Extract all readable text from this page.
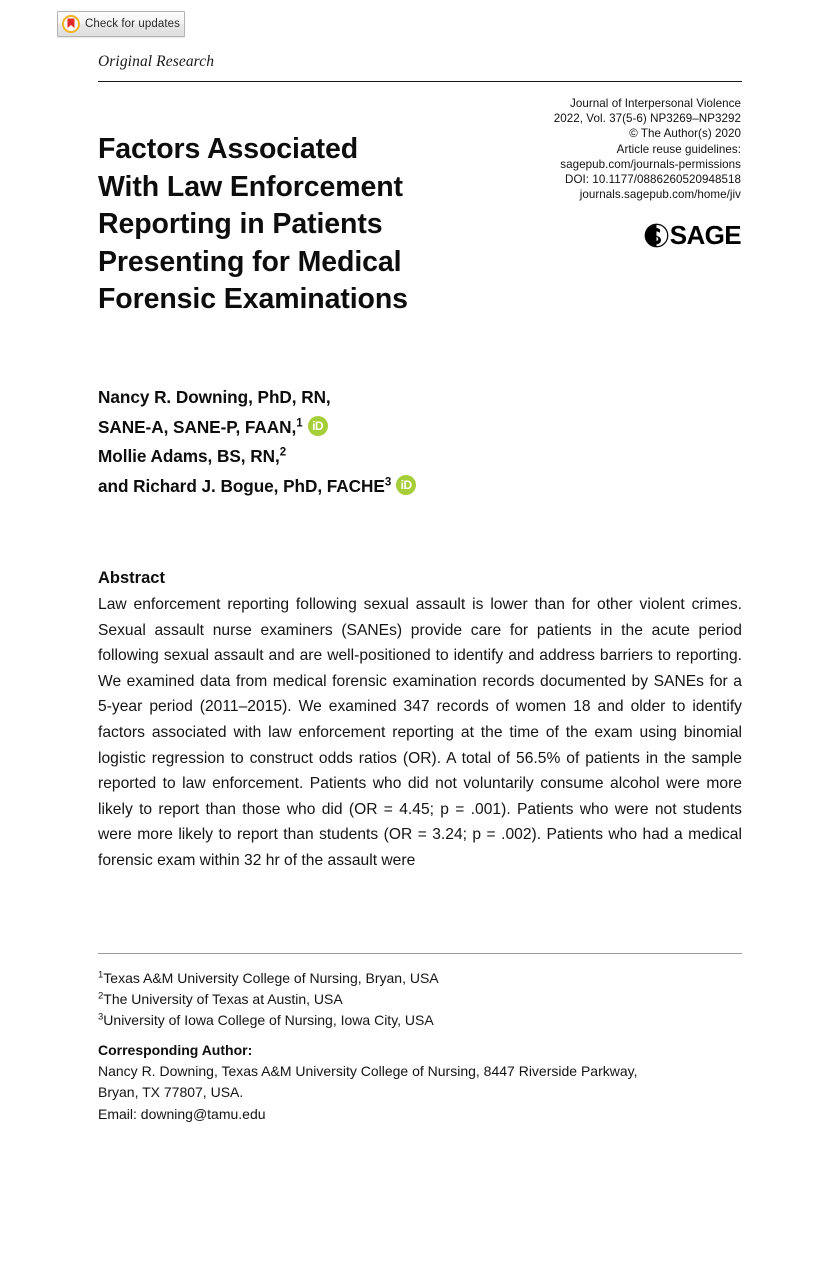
Check for updates
Original Research
Journal of Interpersonal Violence
2022, Vol. 37(5-6) NP3269–NP3292
© The Author(s) 2020
Article reuse guidelines:
sagepub.com/journals-permissions
DOI: 10.1177/0886260520948518
journals.sagepub.com/home/jiv
SAGE
Factors Associated
With Law Enforcement
Reporting in Patients
Presenting for Medical
Forensic Examinations
Nancy R. Downing, PhD, RN,
SANE-A, SANE-P, FAAN,$^1$ iD
Mollie Adams, BS, RN,$^2$
and Richard J. Bogue, PhD, FACHE$^3$ iD
Abstract
Law enforcement reporting following sexual assault is lower than for other violent crimes. Sexual assault nurse examiners (SANEs) provide care for patients in the acute period following sexual assault and are well-positioned to identify and address barriers to reporting. We examined data from medical forensic examination records documented by SANEs for a 5-year period (2011–2015). We examined 347 records of women 18 and older to identify factors associated with law enforcement reporting at the time of the exam using binomial logistic regression to construct odds ratios (OR). A total of 56.5% of patients in the sample reported to law enforcement. Patients who did not voluntarily consume alcohol were more likely to report than those who did (OR = 4.45; p = .001). Patients who were not students were more likely to report than students (OR = 3.24; p = .002). Patients who had a medical forensic exam within 32 hr of the assault were
$^1$Texas A&M University College of Nursing, Bryan, USA
$^2$The University of Texas at Austin, USA
$^3$University of Iowa College of Nursing, Iowa City, USA
Corresponding Author:
Nancy R. Downing, Texas A&M University College of Nursing, 8447 Riverside Parkway,
Bryan, TX 77807, USA.
Email: downing@tamu.edu
